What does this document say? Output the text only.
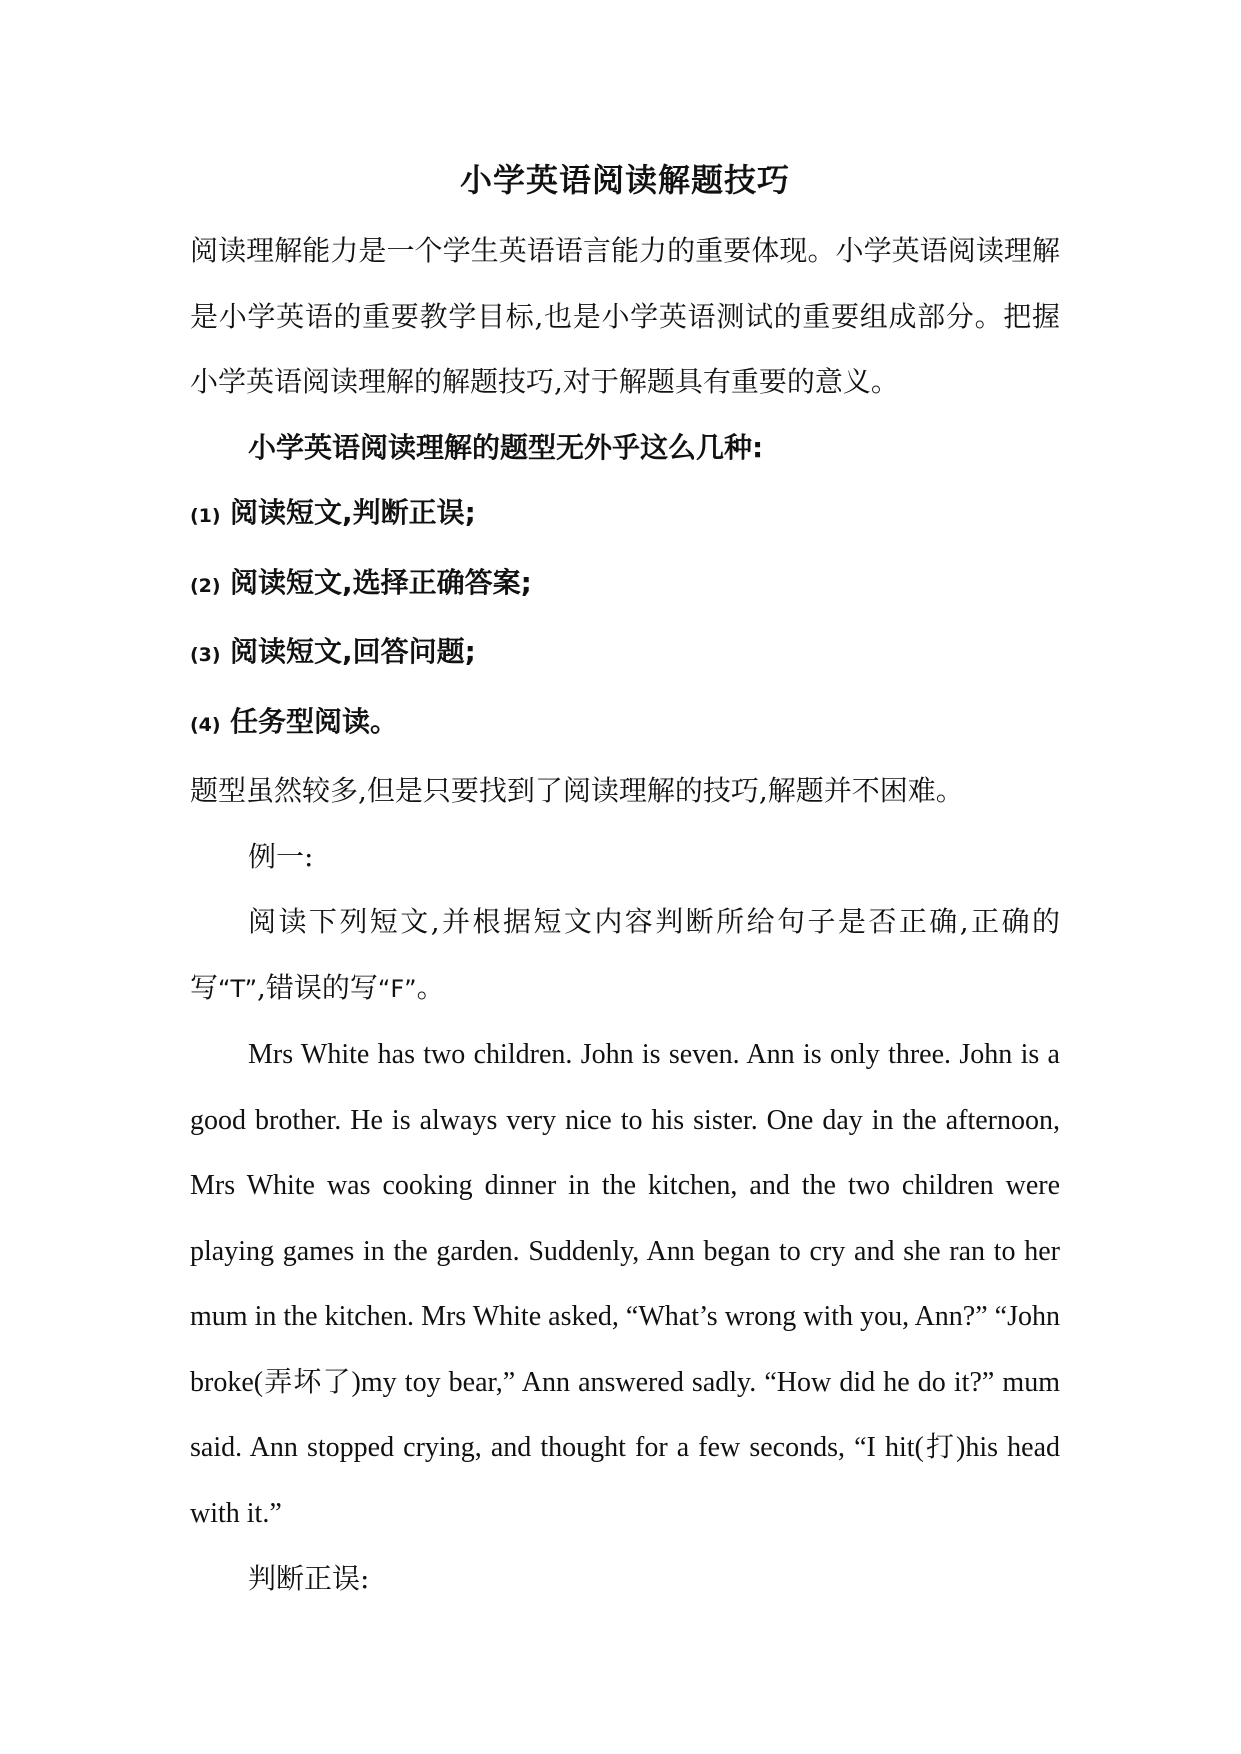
小学英语阅读解题技巧

阅读理解能力是一个学生英语语言能力的重要体现。小学英语阅读理解是小学英语的重要教学目标,也是小学英语测试的重要组成部分。把握小学英语阅读理解的解题技巧,对于解题具有重要的意义。

小学英语阅读理解的题型无外乎这么几种:

(1) 阅读短文,判断正误;
(2) 阅读短文,选择正确答案;
(3) 阅读短文,回答问题;
(4) 任务型阅读。

题型虽然较多,但是只要找到了阅读理解的技巧,解题并不困难。

例一:

阅读下列短文,并根据短文内容判断所给句子是否正确,正确的写“T”,错误的写“F”。

Mrs White has two children. John is seven. Ann is only three. John is a good brother. He is always very nice to his sister. One day in the afternoon, Mrs White was cooking dinner in the kitchen, and the two children were playing games in the garden. Suddenly, Ann began to cry and she ran to her mum in the kitchen. Mrs White asked, “What’s wrong with you, Ann?” “John broke(弄坏了)my toy bear,” Ann answered sadly. “How did he do it?” mum said. Ann stopped crying, and thought for a few seconds, “I hit(打)his head with it.”

判断正误:
